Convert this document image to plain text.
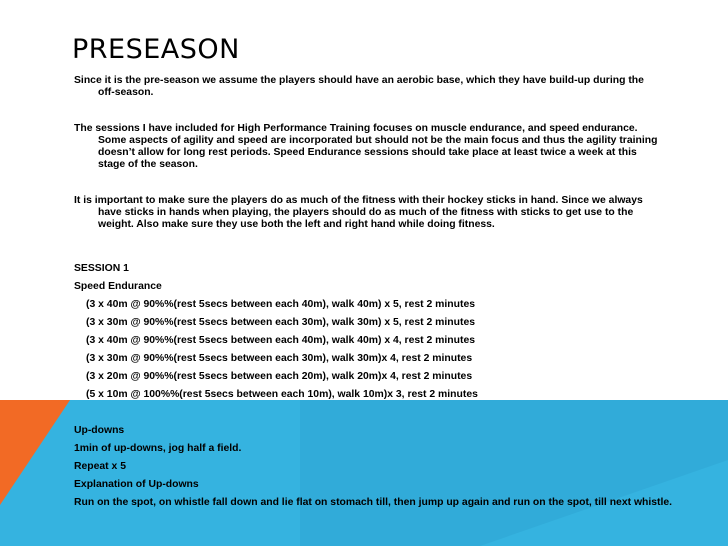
PRESEASON

Since it is the pre-season we assume the players should have an aerobic base, which they have build-up during the off-season.

The sessions I have included for High Performance Training focuses on muscle endurance, and speed endurance. Some aspects of agility and speed are incorporated but should not be the main focus and thus the agility training doesn’t allow for long rest periods. Speed Endurance sessions should take place at least twice a week at this stage of the season.

It is important to make sure the players do as much of the fitness with their hockey sticks in hand. Since we always have sticks in hands when playing, the players should do as much of the fitness with sticks to get use to the weight. Also make sure they use both the left and right hand while doing fitness.

SESSION 1

Speed Endurance

(3 x 40m @ 90%%(rest 5secs between each 40m), walk 40m) x 5, rest 2 minutes

(3 x 30m @ 90%%(rest 5secs between each 30m), walk 30m) x 5, rest 2 minutes

(3 x 40m @ 90%%(rest 5secs between each 40m), walk 40m) x 4, rest 2 minutes

(3 x 30m @ 90%%(rest 5secs between each 30m), walk 30m)x 4, rest 2 minutes

(3 x 20m @ 90%%(rest 5secs between each 20m), walk 20m)x 4, rest 2 minutes

(5 x 10m @ 100%%(rest 5secs between each 10m), walk 10m)x 3, rest 2 minutes

Up-downs

1min of up-downs, jog half a field.

Repeat x 5

Explanation of Up-downs

Run on the spot, on whistle fall down and lie flat on stomach till, then jump up again and run on the spot, till next whistle.
